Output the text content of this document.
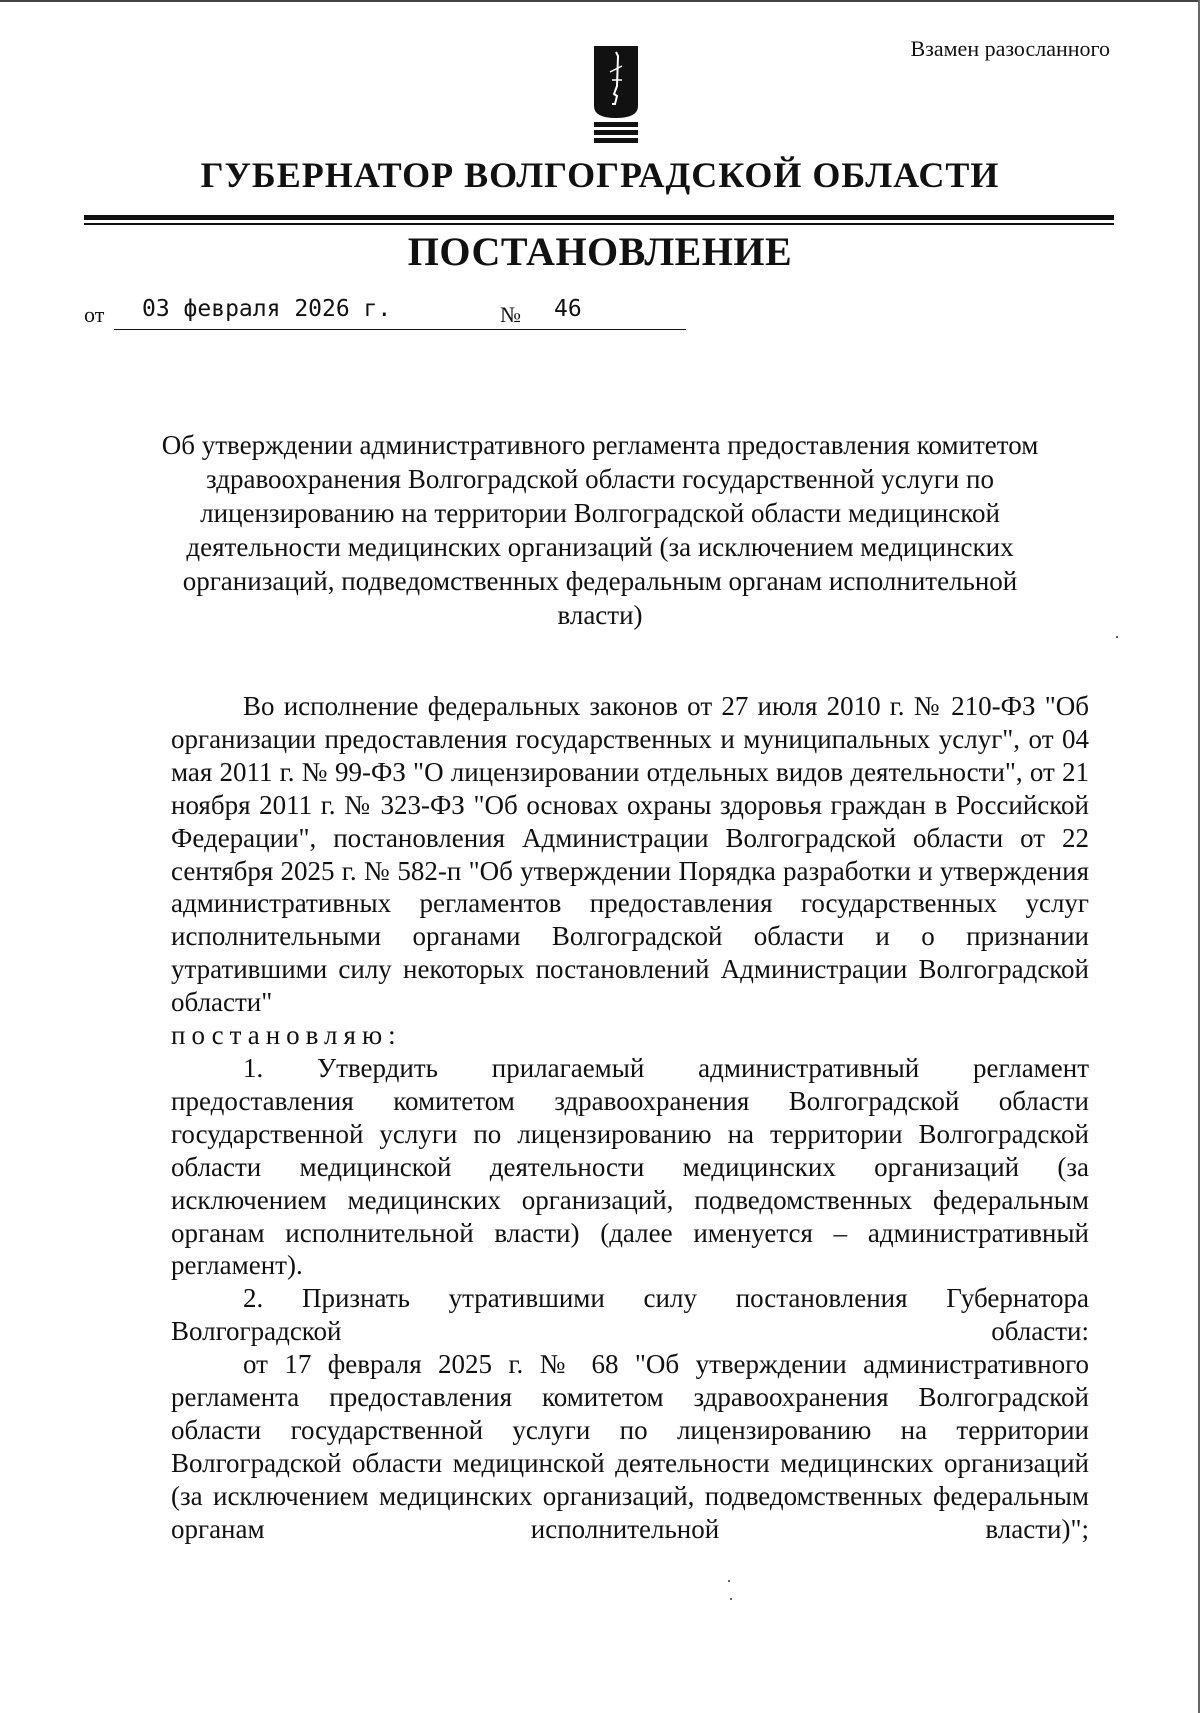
Взамен разосланного
ГУБЕРНАТОР ВОЛГОГРАДСКОЙ ОБЛАСТИ
ПОСТАНОВЛЕНИЕ
от 03 февраля 2026 г.	№ 46
Об утверждении административного регламента предоставления комитетом здравоохранения Волгоградской области государственной услуги по лицензированию на территории Волгоградской области медицинской деятельности медицинских организаций (за исключением медицинских организаций, подведомственных федеральным органам исполнительной власти)

Во исполнение федеральных законов от 27 июля 2010 г. № 210-ФЗ "Об организации предоставления государственных и муниципальных услуг", от 04 мая 2011 г. № 99-ФЗ "О лицензировании отдельных видов деятельности", от 21 ноября 2011 г. № 323-ФЗ "Об основах охраны здоровья граждан в Российской Федерации", постановления Администрации Волгоградской области от 22 сентября 2025 г. № 582-п "Об утверждении Порядка разработки и утверждения административных регламентов предоставления государственных услуг исполнительными органами Волгоградской области и о признании утратившими силу некоторых постановлений Администрации Волгоградской области"

постановляю:

1. Утвердить прилагаемый административный регламент предоставления комитетом здравоохранения Волгоградской области государственной услуги по лицензированию на территории Волгоградской области медицинской деятельности медицинских организаций (за исключением медицинских организаций, подведомственных федеральным органам исполнительной власти) (далее именуется – административный регламент).

2. Признать утратившими силу постановления Губернатора Волгоградской области:

от 17 февраля 2025 г. № 68 "Об утверждении административного регламента предоставления комитетом здравоохранения Волгоградской области государственной услуги по лицензированию на территории Волгоградской области медицинской деятельности медицинских организаций (за исключением медицинских организаций, подведомственных федеральным органам исполнительной власти)";
